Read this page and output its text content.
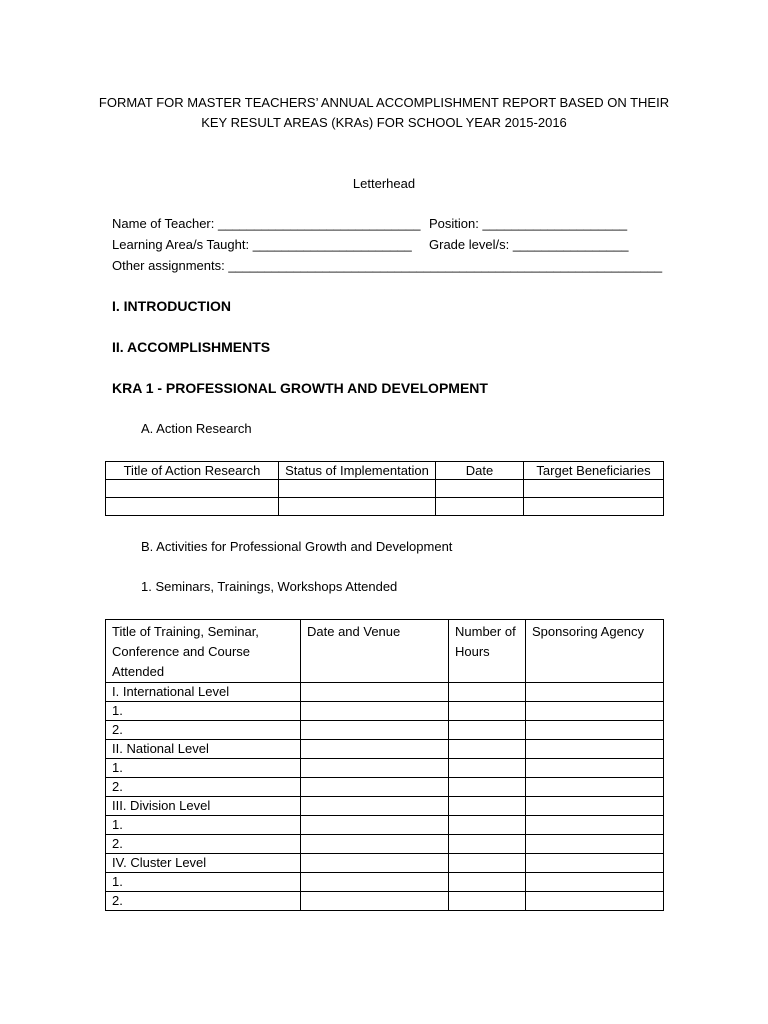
FORMAT FOR MASTER TEACHERS’ ANNUAL ACCOMPLISHMENT REPORT BASED ON THEIR
KEY RESULT AREAS (KRAs) FOR SCHOOL YEAR 2015-2016
Letterhead
Name of Teacher: ____________________________ Position: ____________________
Learning Area/s Taught: ______________________ Grade level/s: ________________
Other assignments: ____________________________________________________________
I. INTRODUCTION
II. ACCOMPLISHMENTS
KRA 1 - PROFESSIONAL GROWTH AND DEVELOPMENT
A. Action Research
Title of Action Research	Status of Implementation	Date	Target Beneficiaries

B. Activities for Professional Growth and Development
1. Seminars, Trainings, Workshops Attended
Title of Training, Seminar, Conference and Course Attended	Date and Venue	Number of Hours	Sponsoring Agency
I. International Level			
1.			
2.			
II. National Level			
1.			
2.			
III. Division Level			
1.			
2.			
IV. Cluster Level			
1.			
2.			
